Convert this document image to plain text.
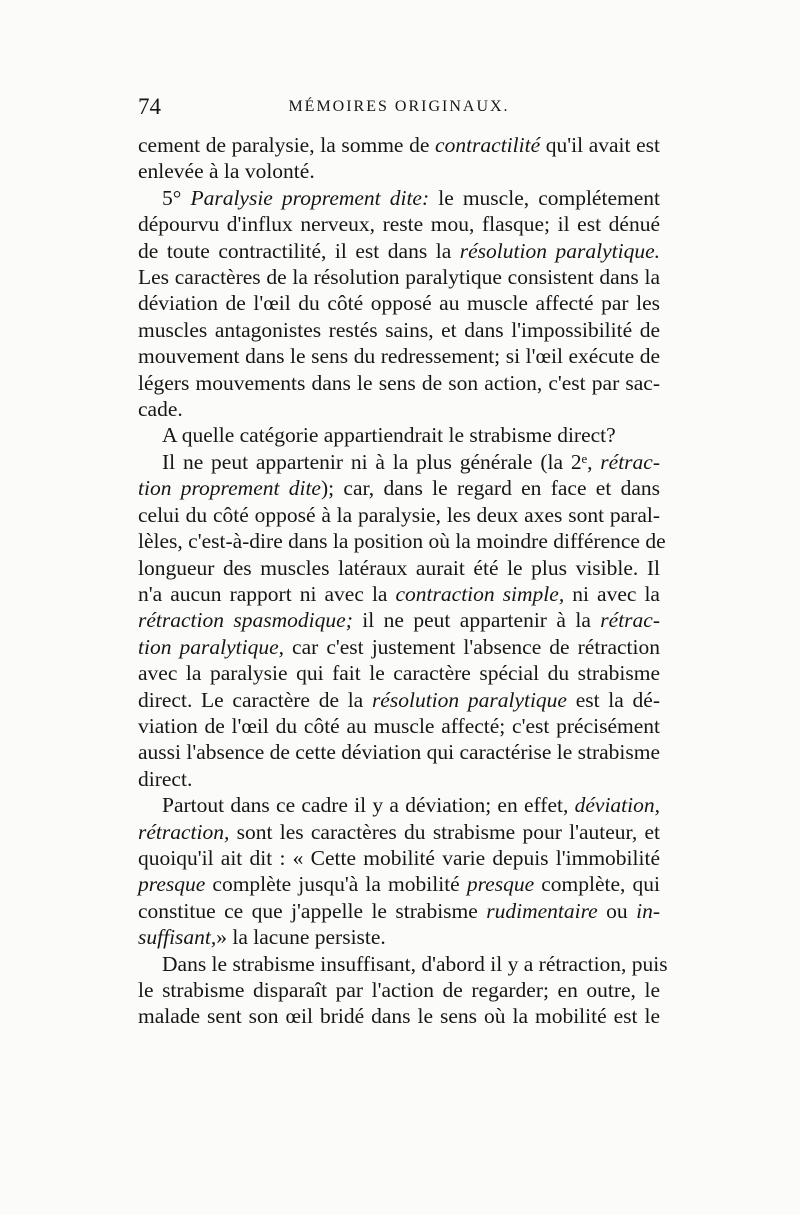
74	MÉMOIRES ORIGINAUX.
cement de paralysie, la somme de contractilité qu'il avait est
enlevée à la volonté.
5° Paralysie proprement dite: le muscle, complétement
dépourvu d'influx nerveux, reste mou, flasque; il est dénué
de toute contractilité, il est dans la résolution paralytique.
Les caractères de la résolution paralytique consistent dans la
déviation de l'œil du côté opposé au muscle affecté par les
muscles antagonistes restés sains, et dans l'impossibilité de
mouvement dans le sens du redressement; si l'œil exécute de
légers mouvements dans le sens de son action, c'est par sac-
cade.
A quelle catégorie appartiendrait le strabisme direct?
Il ne peut appartenir ni à la plus générale (la 2ᵉ, rétrac-
tion proprement dite); car, dans le regard en face et dans
celui du côté opposé à la paralysie, les deux axes sont paral-
lèles, c'est-à-dire dans la position où la moindre différence de
longueur des muscles latéraux aurait été le plus visible. Il
n'a aucun rapport ni avec la contraction simple, ni avec la
rétraction spasmodique; il ne peut appartenir à la rétrac-
tion paralytique, car c'est justement l'absence de rétraction
avec la paralysie qui fait le caractère spécial du strabisme
direct. Le caractère de la résolution paralytique est la dé-
viation de l'œil du côté au muscle affecté; c'est précisément
aussi l'absence de cette déviation qui caractérise le strabisme
direct.
Partout dans ce cadre il y a déviation; en effet, déviation,
rétraction, sont les caractères du strabisme pour l'auteur, et
quoiqu'il ait dit : « Cette mobilité varie depuis l'immobilité
presque complète jusqu'à la mobilité presque complète, qui
constitue ce que j'appelle le strabisme rudimentaire ou in-
suffisant,» la lacune persiste.
Dans le strabisme insuffisant, d'abord il y a rétraction, puis
le strabisme disparaît par l'action de regarder; en outre, le
malade sent son œil bridé dans le sens où la mobilité est le
